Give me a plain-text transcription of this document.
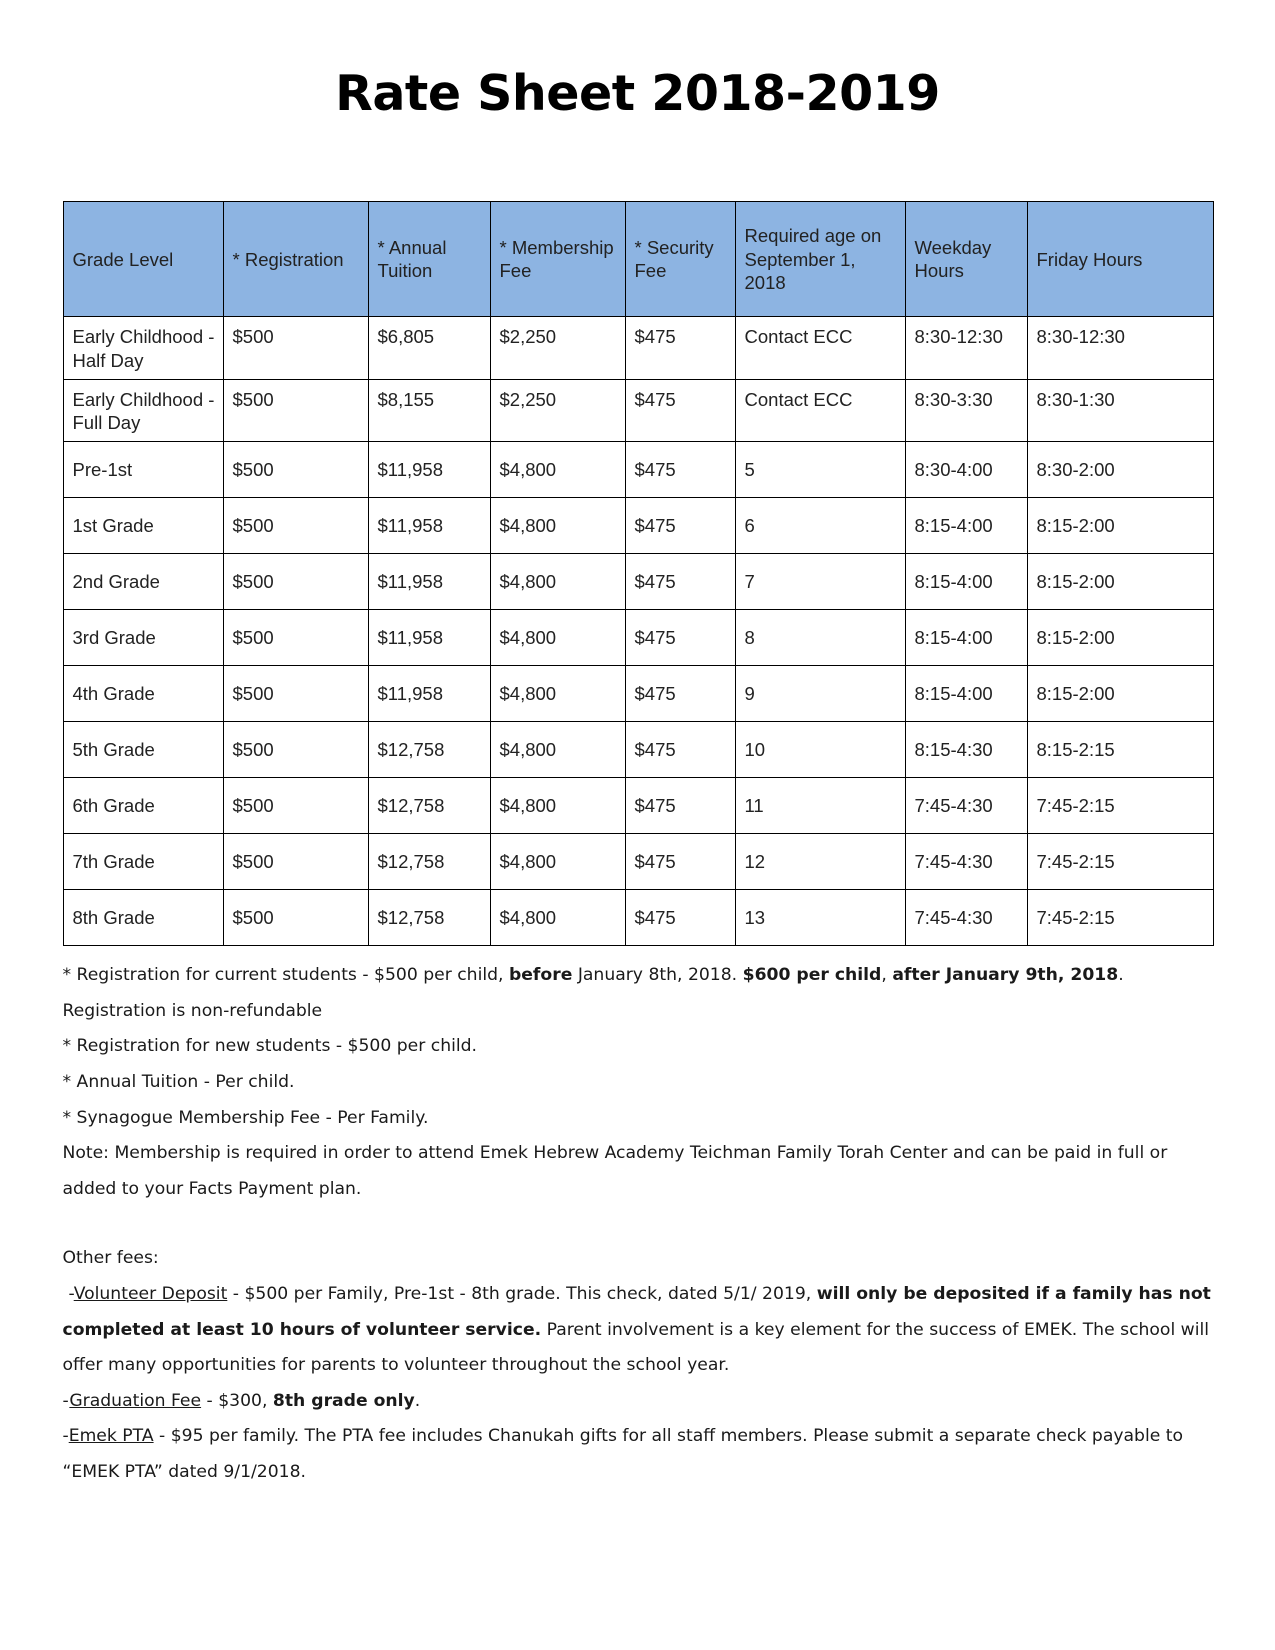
Rate Sheet 2018-2019
Grade Level	* Registration	* Annual Tuition	* Membership Fee	* Security Fee	Required age on September 1, 2018	Weekday Hours	Friday Hours
Early Childhood - Half Day	$500	$6,805	$2,250	$475	Contact ECC	8:30-12:30	8:30-12:30
Early Childhood - Full Day	$500	$8,155	$2,250	$475	Contact ECC	8:30-3:30	8:30-1:30
Pre-1st	$500	$11,958	$4,800	$475	5	8:30-4:00	8:30-2:00
1st Grade	$500	$11,958	$4,800	$475	6	8:15-4:00	8:15-2:00
2nd Grade	$500	$11,958	$4,800	$475	7	8:15-4:00	8:15-2:00
3rd Grade	$500	$11,958	$4,800	$475	8	8:15-4:00	8:15-2:00
4th Grade	$500	$11,958	$4,800	$475	9	8:15-4:00	8:15-2:00
5th Grade	$500	$12,758	$4,800	$475	10	8:15-4:30	8:15-2:15
6th Grade	$500	$12,758	$4,800	$475	11	7:45-4:30	7:45-2:15
7th Grade	$500	$12,758	$4,800	$475	12	7:45-4:30	7:45-2:15
8th Grade	$500	$12,758	$4,800	$475	13	7:45-4:30	7:45-2:15

* Registration for current students - $500 per child, before January 8th, 2018. $600 per child, after January 9th, 2018. Registration is non-refundable

* Registration for new students - $500 per child.

* Annual Tuition - Per child.

* Synagogue Membership Fee - Per Family.

Note: Membership is required in order to attend Emek Hebrew Academy Teichman Family Torah Center and can be paid in full or added to your Facts Payment plan.

Other fees:

-Volunteer Deposit - $500 per Family, Pre-1st - 8th grade. This check, dated 5/1/ 2019, will only be deposited if a family has not completed at least 10 hours of volunteer service. Parent involvement is a key element for the success of EMEK. The school will offer many opportunities for parents to volunteer throughout the school year.

-Graduation Fee - $300, 8th grade only.

-Emek PTA - $95 per family. The PTA fee includes Chanukah gifts for all staff members. Please submit a separate check payable to “EMEK PTA” dated 9/1/2018.
